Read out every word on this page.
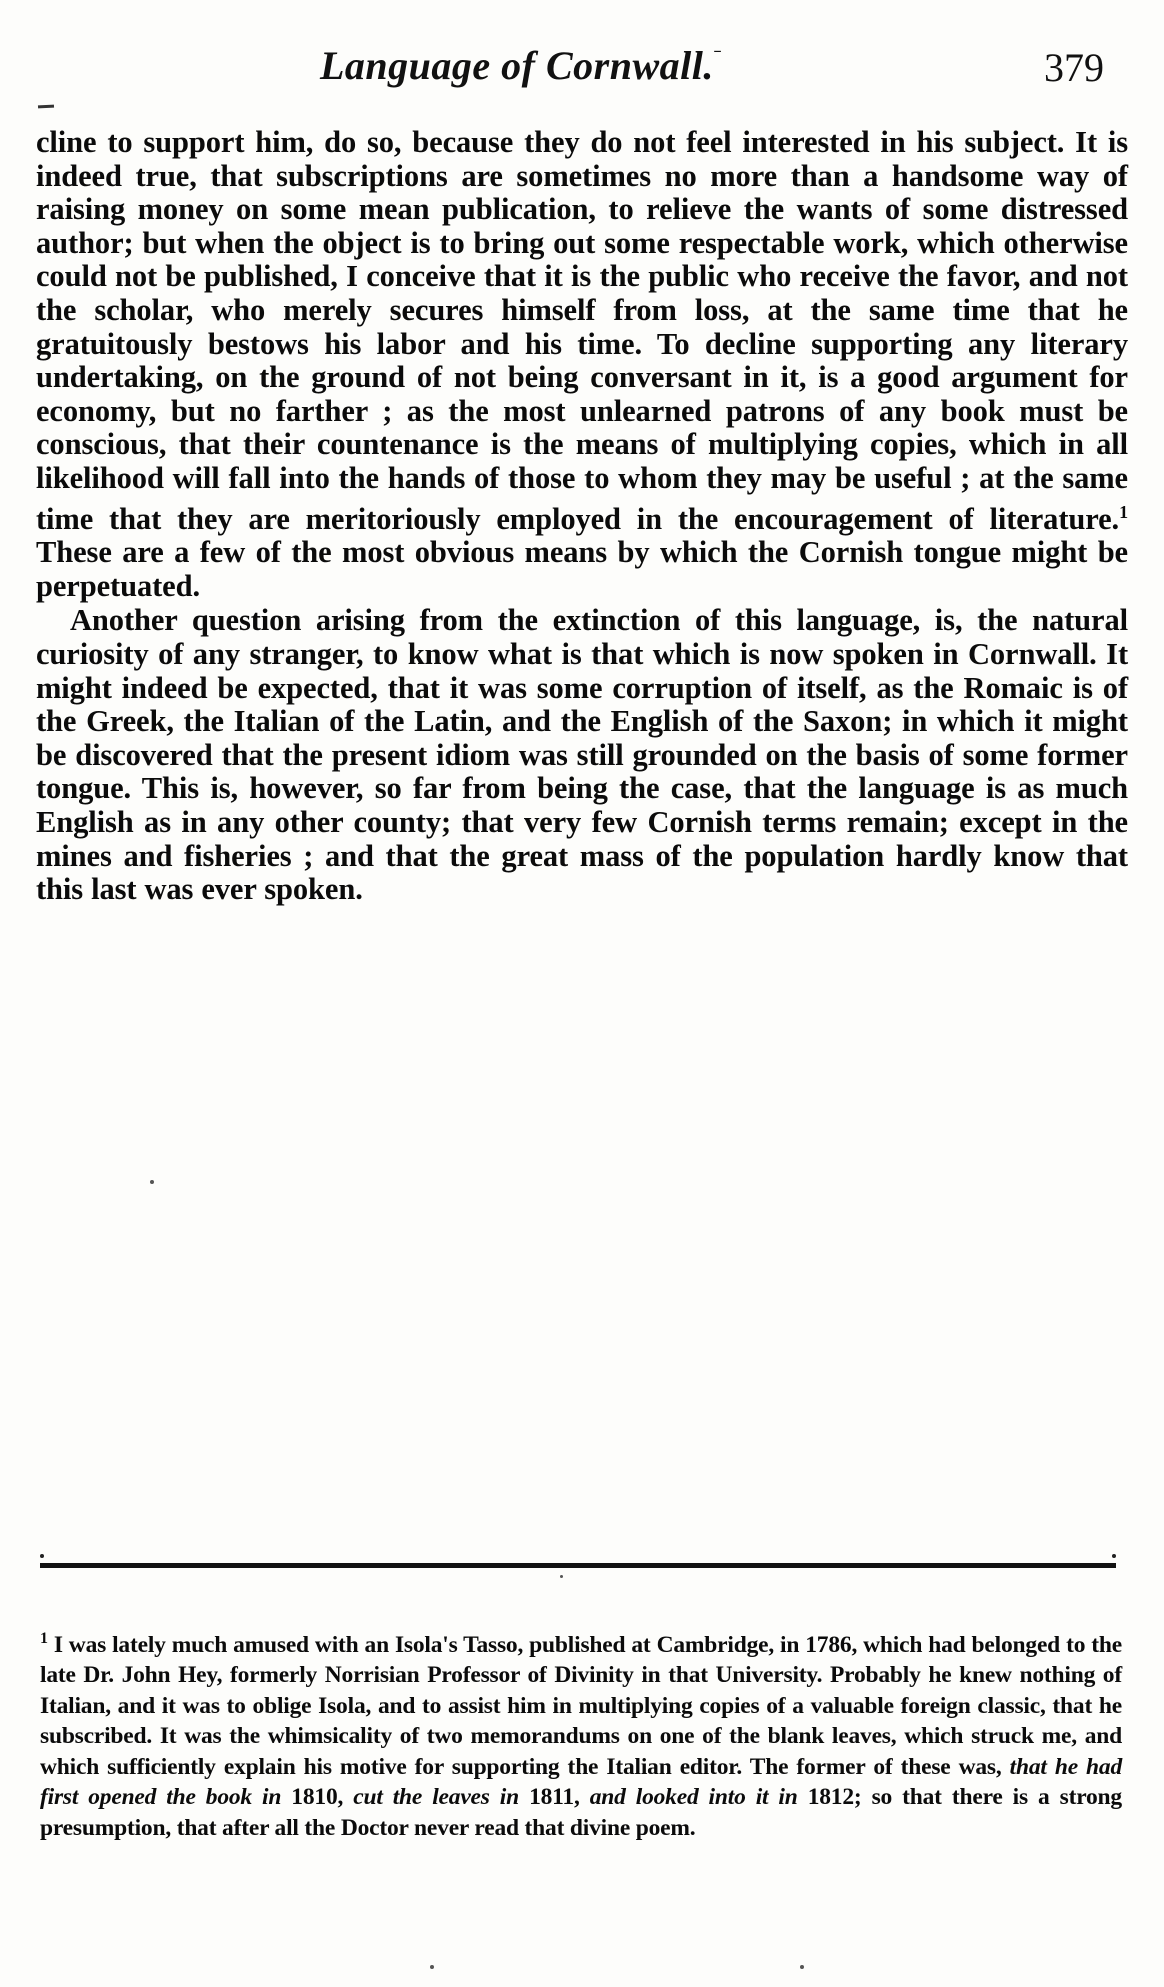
Language of Cornwall.$^ˉ$	379

cline to support him, do so, because they do not feel interested in his subject. It is indeed true, that subscriptions are sometimes no more than a handsome way of raising money on some mean publication, to relieve the wants of some distressed author; but when the object is to bring out some respectable work, which otherwise could not be published, I conceive that it is the public who receive the favor, and not the scholar, who merely secures himself from loss, at the same time that he gratuitously bestows his labor and his time. To decline supporting any literary undertaking, on the ground of not being conversant in it, is a good argument for economy, but no farther ; as the most unlearned patrons of any book must be conscious, that their countenance is the means of multiplying copies, which in all likelihood will fall into the hands of those to whom they may be useful ; at the same time that they are meritoriously employed in the encouragement of literature.$^1$ These are a few of the most obvious means by which the Cornish tongue might be perpetuated.

Another question arising from the extinction of this language, is, the natural curiosity of any stranger, to know what is that which is now spoken in Cornwall. It might indeed be expected, that it was some corruption of itself, as the Romaic is of the Greek, the Italian of the Latin, and the English of the Saxon; in which it might be discovered that the present idiom was still grounded on the basis of some former tongue. This is, however, so far from being the case, that the language is as much English as in any other county; that very few Cornish terms remain; except in the mines and fisheries ; and that the great mass of the population hardly know that this last was ever spoken.

$^1$ I was lately much amused with an Isola's Tasso, published at Cambridge, in 1786, which had belonged to the late Dr. John Hey, formerly Norrisian Professor of Divinity in that University. Probably he knew nothing of Italian, and it was to oblige Isola, and to assist him in multiplying copies of a valuable foreign classic, that he subscribed. It was the whimsicality of two memorandums on one of the blank leaves, which struck me, and which sufficiently explain his motive for supporting the Italian editor. The former of these was, that he had first opened the book in 1810, cut the leaves in 1811, and looked into it in 1812; so that there is a strong presumption, that after all the Doctor never read that divine poem.
